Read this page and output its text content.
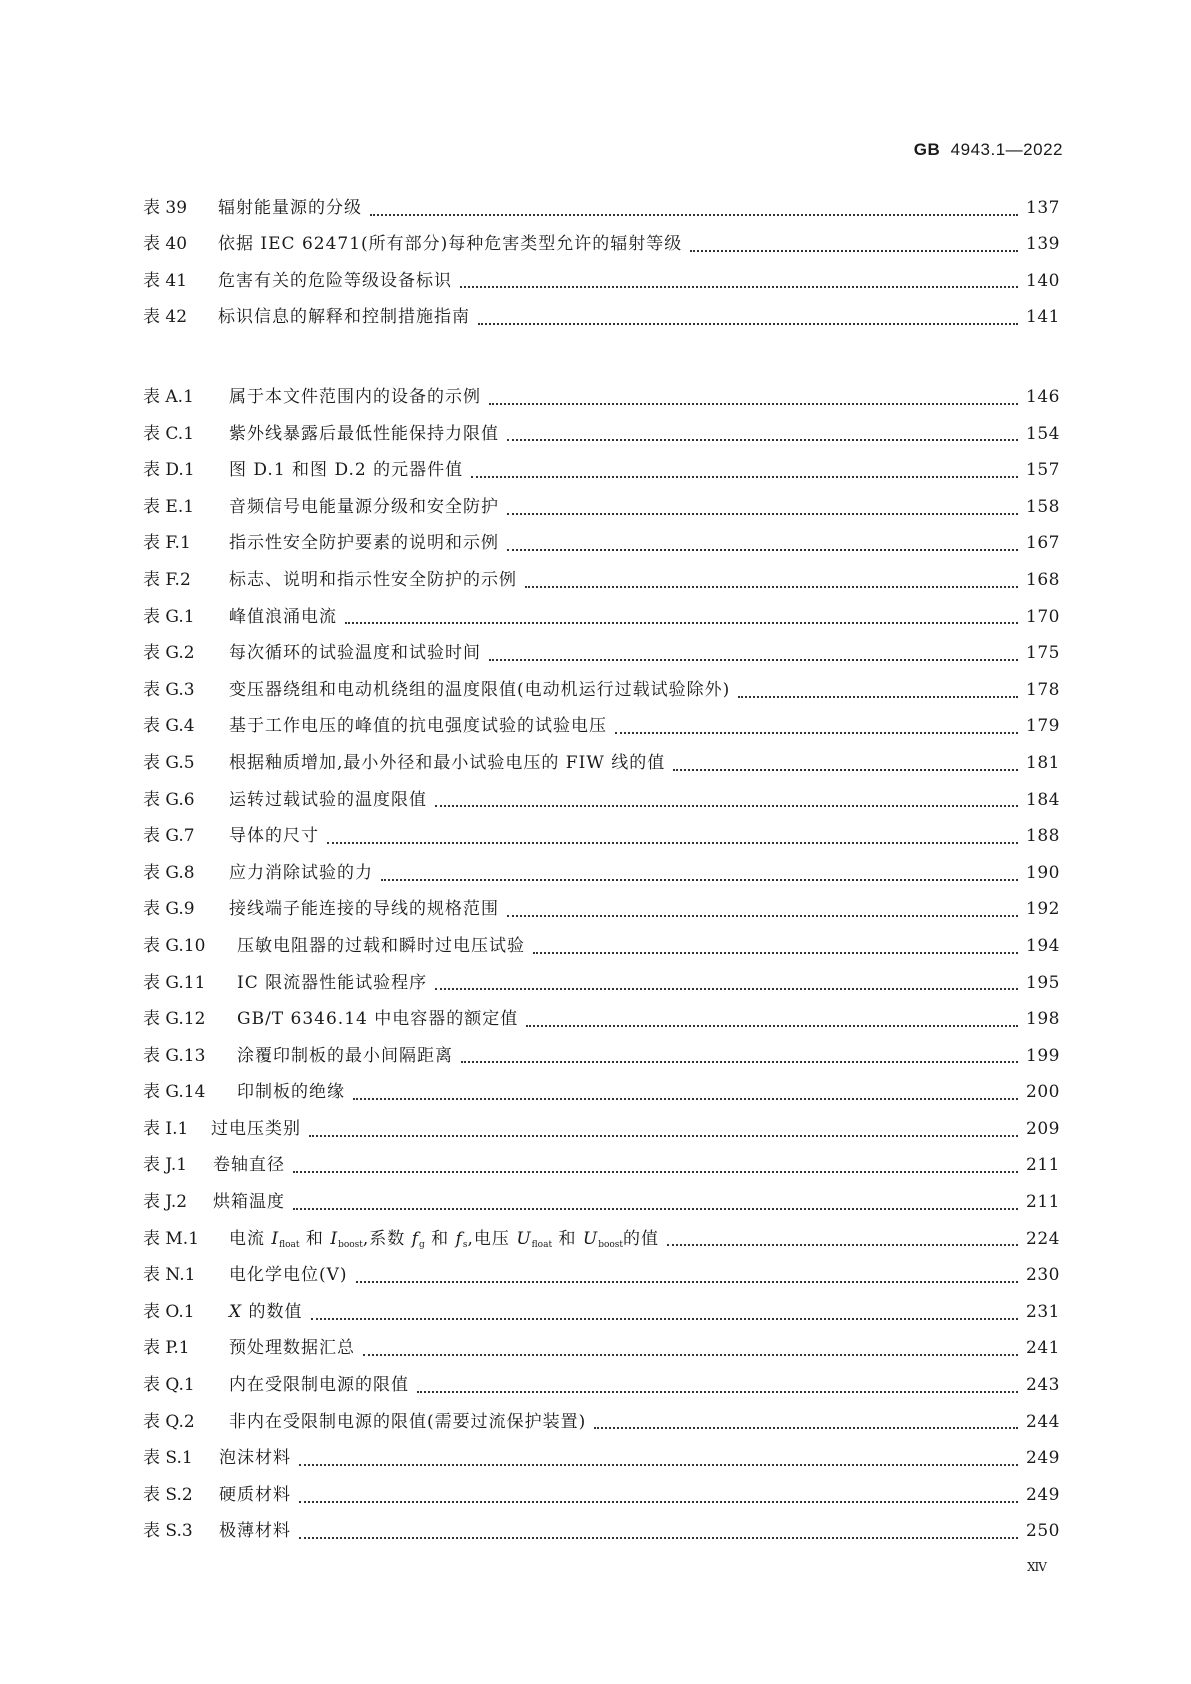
GB 4943.1—2022
表 39	辐射能量源的分级	137
表 40	依据 IEC 62471(所有部分)每种危害类型允许的辐射等级	139
表 41	危害有关的危险等级设备标识	140
表 42	标识信息的解释和控制措施指南	141
表 A.1	属于本文件范围内的设备的示例	146
表 C.1	紫外线暴露后最低性能保持力限值	154
表 D.1	图 D.1 和图 D.2 的元器件值	157
表 E.1	音频信号电能量源分级和安全防护	158
表 F.1	指示性安全防护要素的说明和示例	167
表 F.2	标志、说明和指示性安全防护的示例	168
表 G.1	峰值浪涌电流	170
表 G.2	每次循环的试验温度和试验时间	175
表 G.3	变压器绕组和电动机绕组的温度限值(电动机运行过载试验除外)	178
表 G.4	基于工作电压的峰值的抗电强度试验的试验电压	179
表 G.5	根据釉质增加,最小外径和最小试验电压的 FIW 线的值	181
表 G.6	运转过载试验的温度限值	184
表 G.7	导体的尺寸	188
表 G.8	应力消除试验的力	190
表 G.9	接线端子能连接的导线的规格范围	192
表 G.10	压敏电阻器的过载和瞬时过电压试验	194
表 G.11	IC 限流器性能试验程序	195
表 G.12	GB/T 6346.14 中电容器的额定值	198
表 G.13	涂覆印制板的最小间隔距离	199
表 G.14	印制板的绝缘	200
表 I.1	过电压类别	209
表 J.1	卷轴直径	211
表 J.2	烘箱温度	211
表 M.1	电流 $I_{float}$ 和 $I_{boost}$,系数 $f_g$ 和 $f_s$,电压 $U_{float}$ 和 $U_{boost}$的值	224
表 N.1	电化学电位(V)	230
表 O.1	X 的数值	231
表 P.1	预处理数据汇总	241
表 Q.1	内在受限制电源的限值	243
表 Q.2	非内在受限制电源的限值(需要过流保护装置)	244
表 S.1	泡沫材料	249
表 S.2	硬质材料	249
表 S.3	极薄材料	250
XIV
